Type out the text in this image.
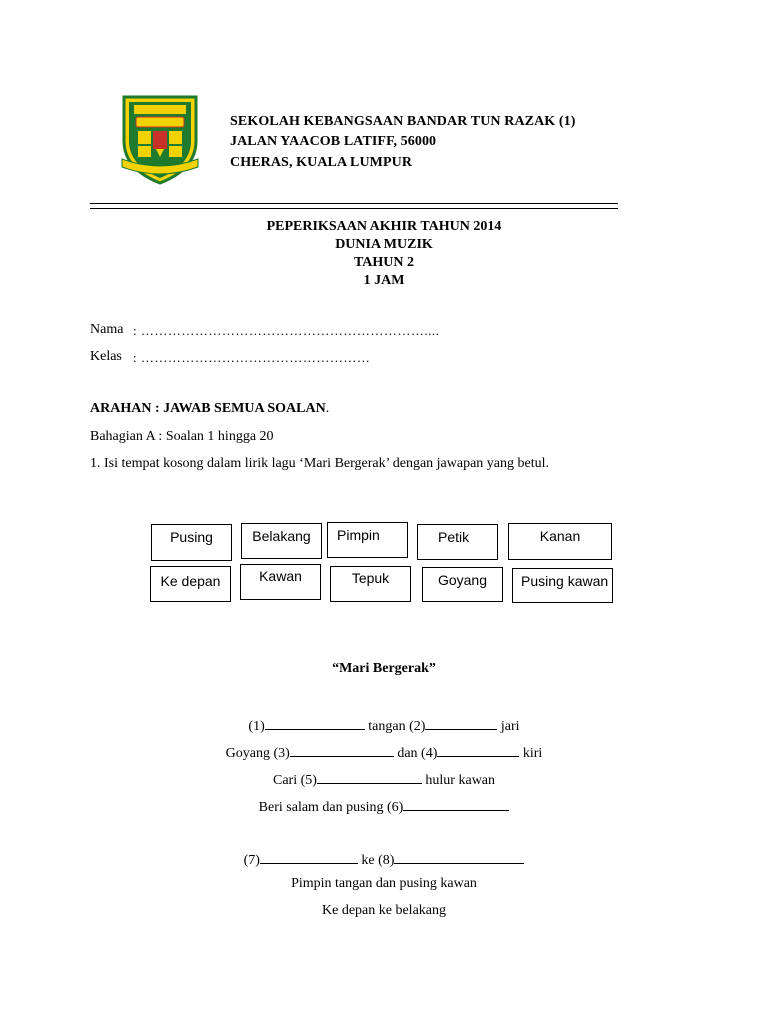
SEKOLAH KEBANGSAAN BANDAR TUN RAZAK (1)
JALAN YAACOB LATIFF, 56000
CHERAS, KUALA LUMPUR
PEPERIKSAAN AKHIR TAHUN 2014
DUNIA MUZIK
TAHUN 2
1 JAM
Nama : ………………………………………………………....
Kelas : ……………………………………………
ARAHAN : JAWAB SEMUA SOALAN.
Bahagian A : Soalan 1 hingga 20
1. Isi tempat kosong dalam lirik lagu ‘Mari Bergerak’ dengan jawapan yang betul.
Pusing	Belakang	Pimpin	Petik	Kanan
Ke depan	Kawan	Tepuk	Goyang	Pusing kawan
“Mari Bergerak”
(1)	tangan (2)	jari
Goyang (3)	dan (4)	kiri
Cari (5)	hulur kawan
Beri salam dan pusing (6)
(7)	ke (8)
Pimpin tangan dan pusing kawan
Ke depan ke belakang
